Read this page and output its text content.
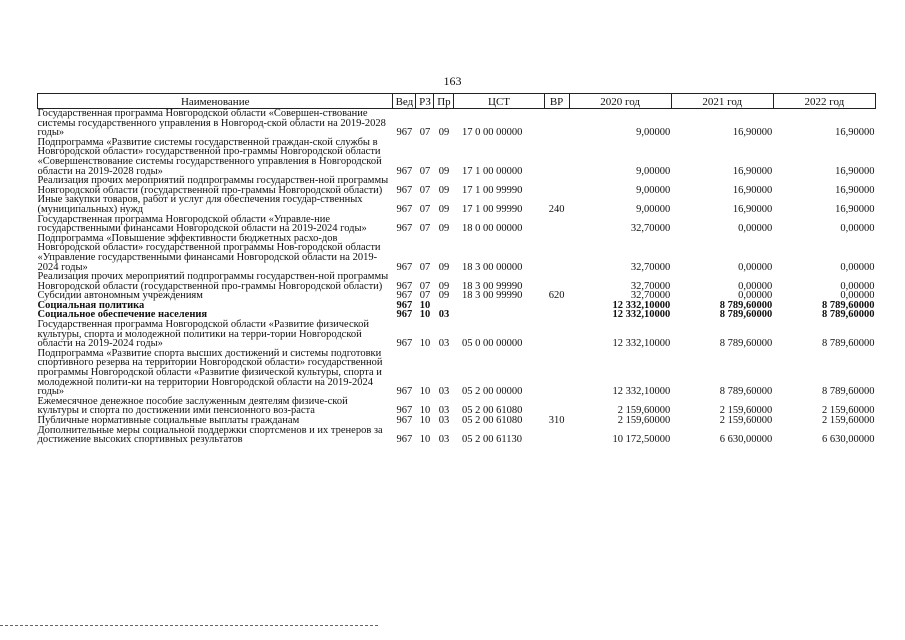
163
Наименование	Вед	РЗ	Пр	ЦСТ	ВР	2020 год	2021 год	2022 год
Государственная программа Новгородской области «Совершен-ствование системы государственного управления в Новгород-ской области на 2019-2028 годы»	967	07	09	17 0 00 00000		9,00000	16,90000	16,90000
Подпрограмма «Развитие системы государственной граждан-ской службы в Новгородской области» государственной про-граммы Новгородской области «Совершенствование системы государственного управления в Новгородской области на 2019-2028 годы»	967	07	09	17 1 00 00000		9,00000	16,90000	16,90000
Реализация прочих мероприятий подпрограммы государствен-ной программы Новгородской области (государственной про-граммы Новгородской области)	967	07	09	17 1 00 99990		9,00000	16,90000	16,90000
Иные закупки товаров, работ и услуг для обеспечения государ-ственных (муниципальных) нужд	967	07	09	17 1 00 99990	240	9,00000	16,90000	16,90000
Государственная программа Новгородской области «Управле-ние государственными финансами Новгородской области на 2019-2024 годы»	967	07	09	18 0 00 00000		32,70000	0,00000	0,00000
Подпрограмма «Повышение эффективности бюджетных расхо-дов Новгородской области» государственной программы Нов-городской области «Управление государственными финансами Новгородской области на 2019-2024 годы»	967	07	09	18 3 00 00000		32,70000	0,00000	0,00000
Реализация прочих мероприятий подпрограммы государствен-ной программы Новгородской области (государственной про-граммы Новгородской области)	967	07	09	18 3 00 99990		32,70000	0,00000	0,00000
Субсидии автономным учреждениям	967	07	09	18 3 00 99990	620	32,70000	0,00000	0,00000
Социальная политика	967	10				12 332,10000	8 789,60000	8 789,60000
Социальное обеспечение населения	967	10	03			12 332,10000	8 789,60000	8 789,60000
Государственная программа Новгородской области «Развитие физической культуры, спорта и молодежной политики на терри-тории Новгородской области на 2019-2024 годы»	967	10	03	05 0 00 00000		12 332,10000	8 789,60000	8 789,60000
Подпрограмма «Развитие спорта высших достижений и системы подготовки спортивного резерва на территории Новгородской области» государственной программы Новгородской области «Развитие физической культуры, спорта и молодежной полити-ки на территории Новгородской области на 2019-2024 годы»	967	10	03	05 2 00 00000		12 332,10000	8 789,60000	8 789,60000
Ежемесячное денежное пособие заслуженным деятелям физиче-ской культуры и спорта по достижении ими пенсионного воз-раста	967	10	03	05 2 00 61080		2 159,60000	2 159,60000	2 159,60000
Публичные нормативные социальные выплаты гражданам	967	10	03	05 2 00 61080	310	2 159,60000	2 159,60000	2 159,60000
Дополнительные меры социальной поддержки спортсменов и их тренеров за достижение высоких спортивных результатов	967	10	03	05 2 00 61130		10 172,50000	6 630,00000	6 630,00000
